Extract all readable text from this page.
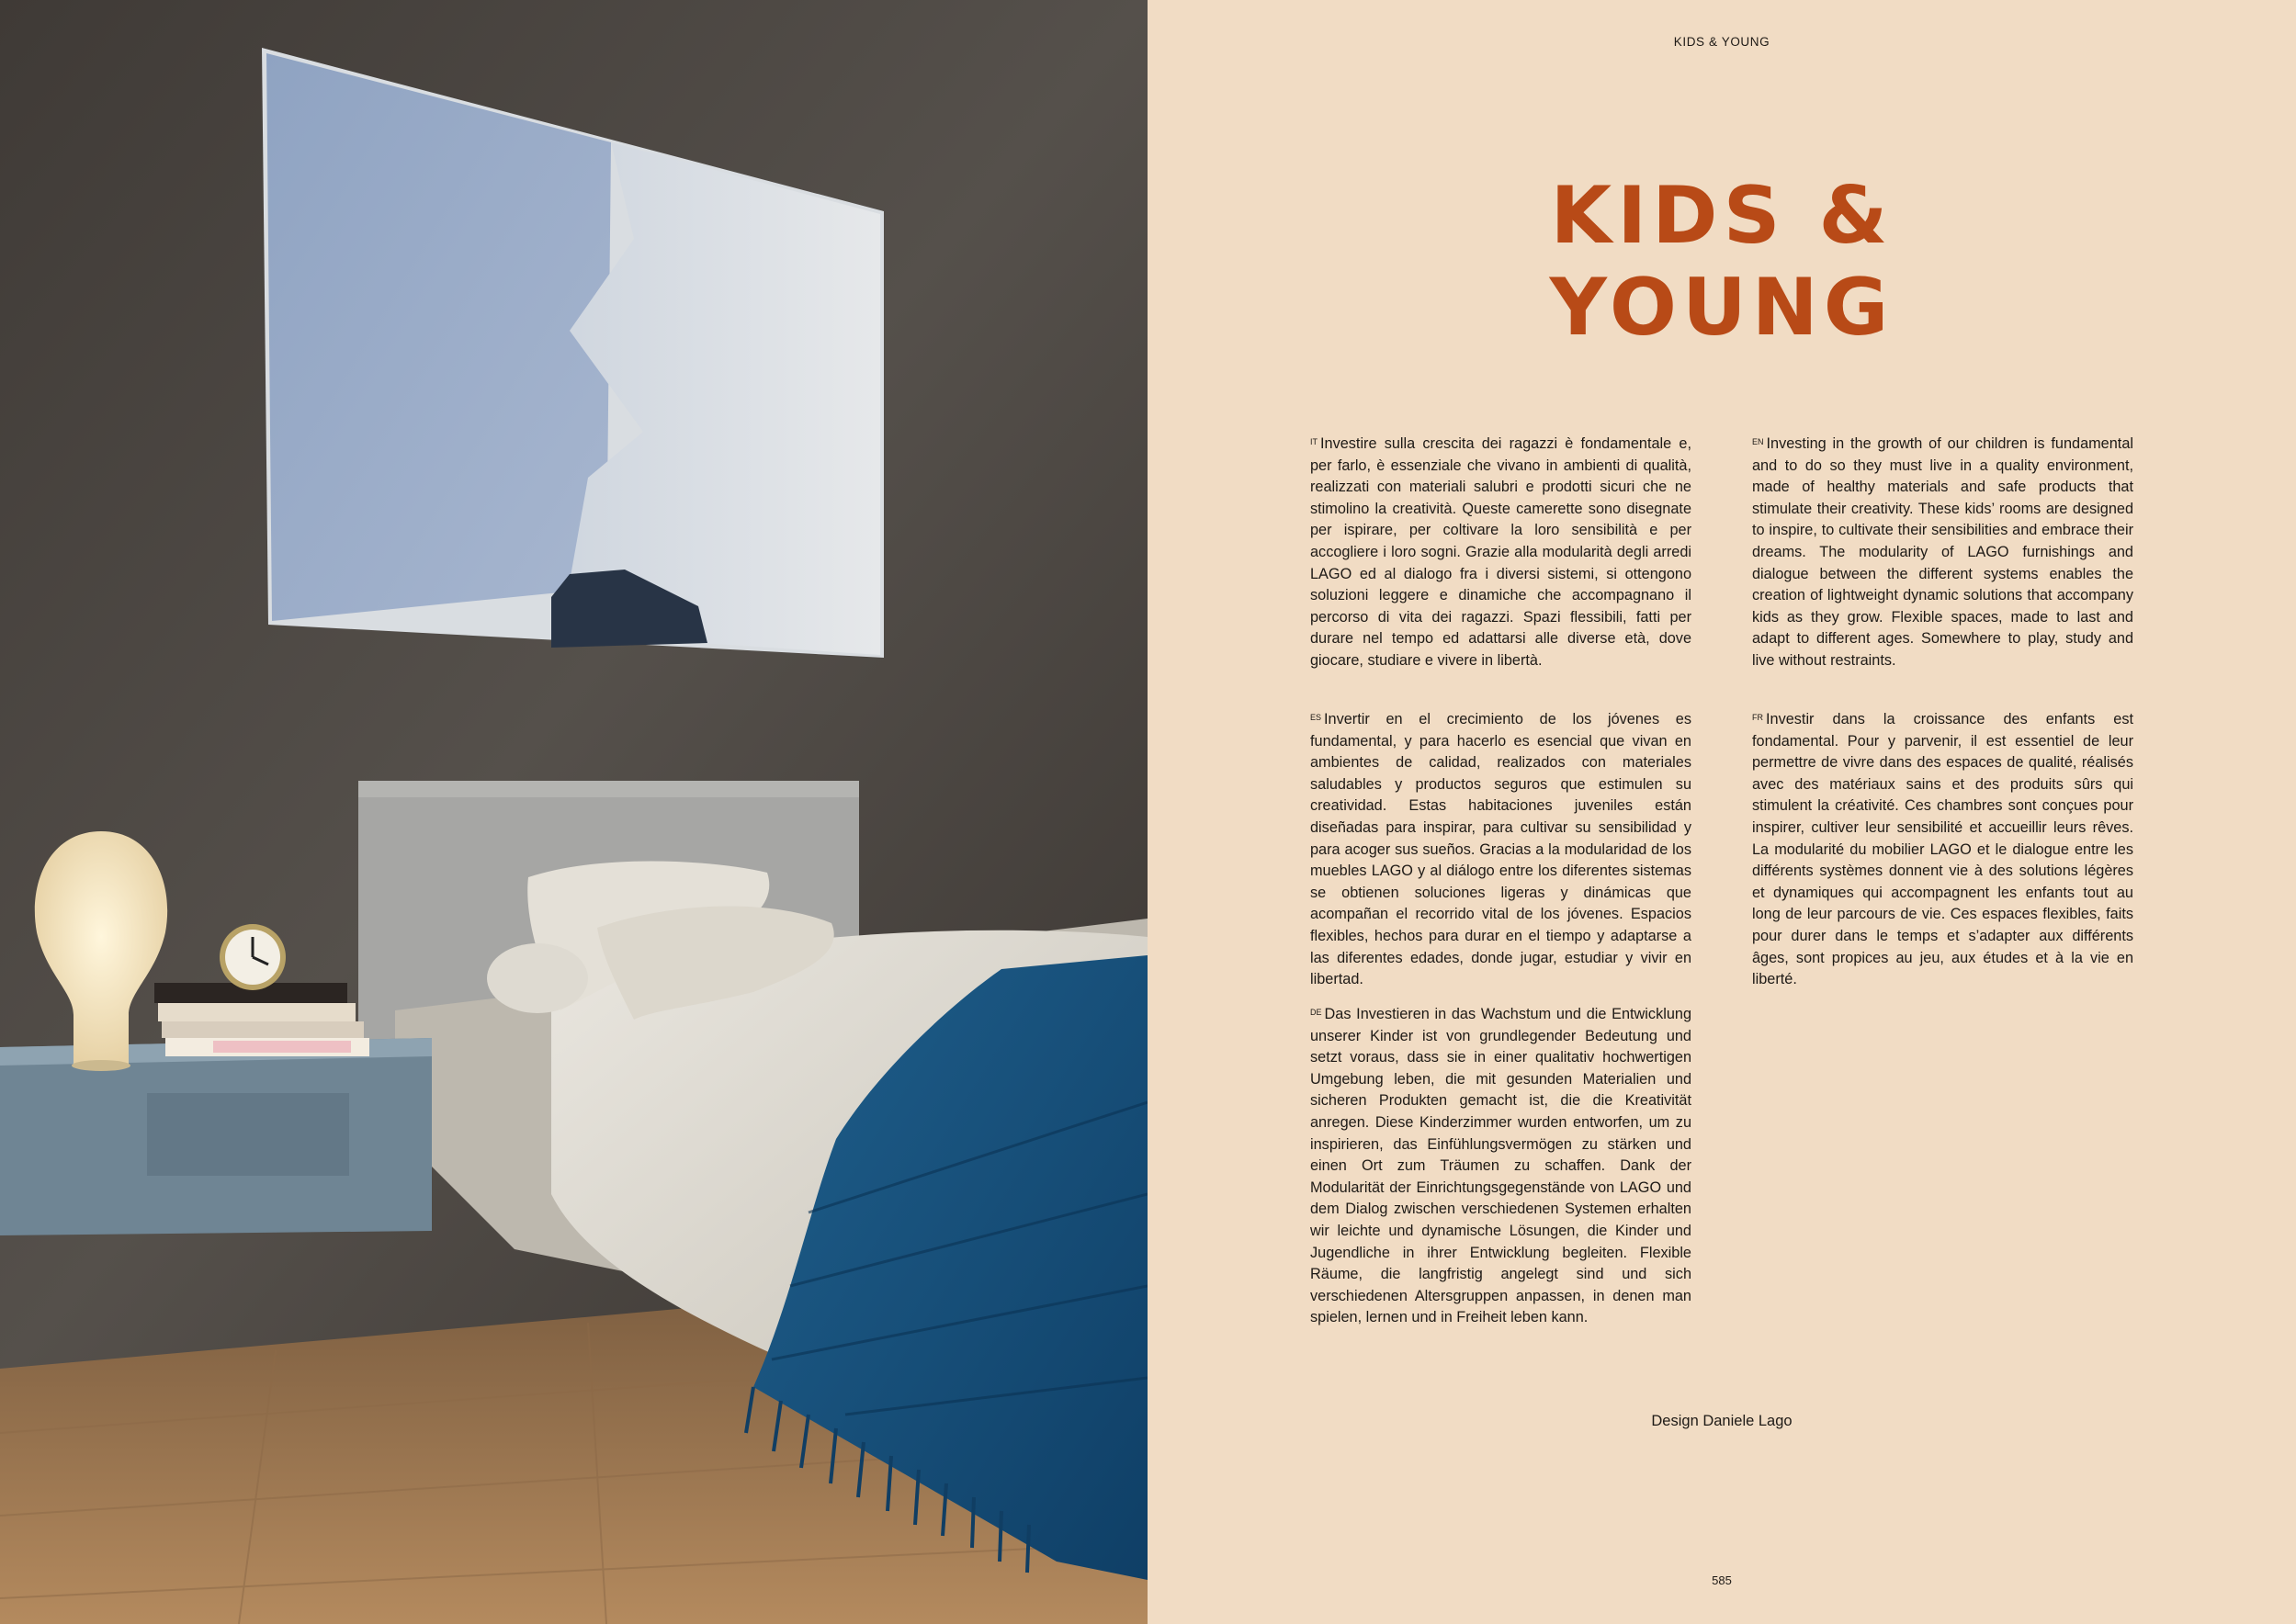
KIDS & YOUNG
KIDS &
YOUNG

$^{IT}$ Investire sulla crescita dei ragazzi è fondamentale e, per farlo, è essenziale che vivano in ambienti di qualità, realizzati con materiali salubri e prodotti sicuri che ne stimolino la creatività. Queste camerette sono disegnate per ispirare, per coltivare la loro sensibilità e per accogliere i loro sogni. Grazie alla modularità degli arredi LAGO ed al dialogo fra i diversi sistemi, si ottengono soluzioni leggere e dinamiche che accompagnano il percorso di vita dei ragazzi. Spazi flessibili, fatti per durare nel tempo ed adattarsi alle diverse età, dove giocare, studiare e vivere in libertà.

$^{ES}$ Invertir en el crecimiento de los jóvenes es fundamental, y para hacerlo es esencial que vivan en ambientes de calidad, realizados con materiales saludables y productos seguros que estimulen su creatividad. Estas habitaciones juveniles están diseñadas para inspirar, para cultivar su sensibilidad y para acoger sus sueños. Gracias a la modularidad de los muebles LAGO y al diálogo entre los diferentes sistemas se obtienen soluciones ligeras y dinámicas que acompañan el recorrido vital de los jóvenes. Espacios flexibles, hechos para durar en el tiempo y adaptarse a las diferentes edades, donde jugar, estudiar y vivir en libertad.

$^{DE}$ Das Investieren in das Wachstum und die Entwicklung unserer Kinder ist von grundlegender Bedeutung und setzt voraus, dass sie in einer qualitativ hochwertigen Umgebung leben, die mit gesunden Materialien und sicheren Produkten gemacht ist, die die Kreativität anregen. Diese Kinderzimmer wurden entworfen, um zu inspirieren, das Einfühlungsvermögen zu stärken und einen Ort zum Träumen zu schaffen. Dank der Modularität der Einrichtungsgegenstände von LAGO und dem Dialog zwischen verschiedenen Systemen erhalten wir leichte und dynamische Lösungen, die Kinder und Jugendliche in ihrer Entwicklung begleiten. Flexible Räume, die langfristig angelegt sind und sich verschiedenen Altersgruppen anpassen, in denen man spielen, lernen und in Freiheit leben kann.

$^{EN}$ Investing in the growth of our children is fundamental and to do so they must live in a quality environment, made of healthy materials and safe products that stimulate their creativity. These kids’ rooms are designed to inspire, to cultivate their sensibilities and embrace their dreams. The modularity of LAGO furnishings and dialogue between the different systems enables the creation of lightweight dynamic solutions that accompany kids as they grow. Flexible spaces, made to last and adapt to different ages. Somewhere to play, study and live without restraints.

$^{FR}$ Investir dans la croissance des enfants est fondamental. Pour y parvenir, il est essentiel de leur permettre de vivre dans des espaces de qualité, réalisés avec des matériaux sains et des produits sûrs qui stimulent la créativité. Ces chambres sont conçues pour inspirer, cultiver leur sensibilité et accueillir leurs rêves. La modularité du mobilier LAGO et le dialogue entre les différents systèmes donnent vie à des solutions légères et dynamiques qui accompagnent les enfants tout au long de leur parcours de vie. Ces espaces flexibles, faits pour durer dans le temps et s’adapter aux différents âges, sont propices au jeu, aux études et à la vie en liberté.

Design Daniele Lago
585
